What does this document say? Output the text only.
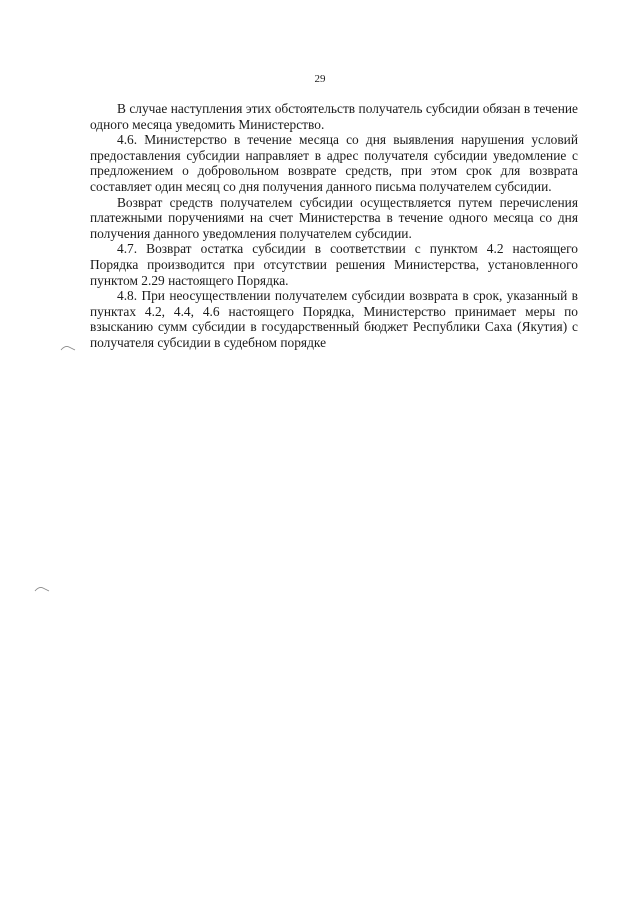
29

В случае наступления этих обстоятельств получатель субсидии обязан в течение одного месяца уведомить Министерство.

4.6. Министерство в течение месяца со дня выявления нарушения условий предоставления субсидии направляет в адрес получателя субсидии уведомление с предложением о добровольном возврате средств, при этом срок для возврата составляет один месяц со дня получения данного письма получателем субсидии.

Возврат средств получателем субсидии осуществляется путем перечисления платежными поручениями на счет Министерства в течение одного месяца со дня получения данного уведомления получателем субсидии.

4.7. Возврат остатка субсидии в соответствии с пунктом 4.2 настоящего Порядка производится при отсутствии решения Министерства, установленного пунктом 2.29 настоящего Порядка.

4.8. При неосуществлении получателем субсидии возврата в срок, указанный в пунктах 4.2, 4.4, 4.6 настоящего Порядка, Министерство принимает меры по взысканию сумм субсидии в государственный бюджет Республики Саха (Якутия) с получателя субсидии в судебном порядке
